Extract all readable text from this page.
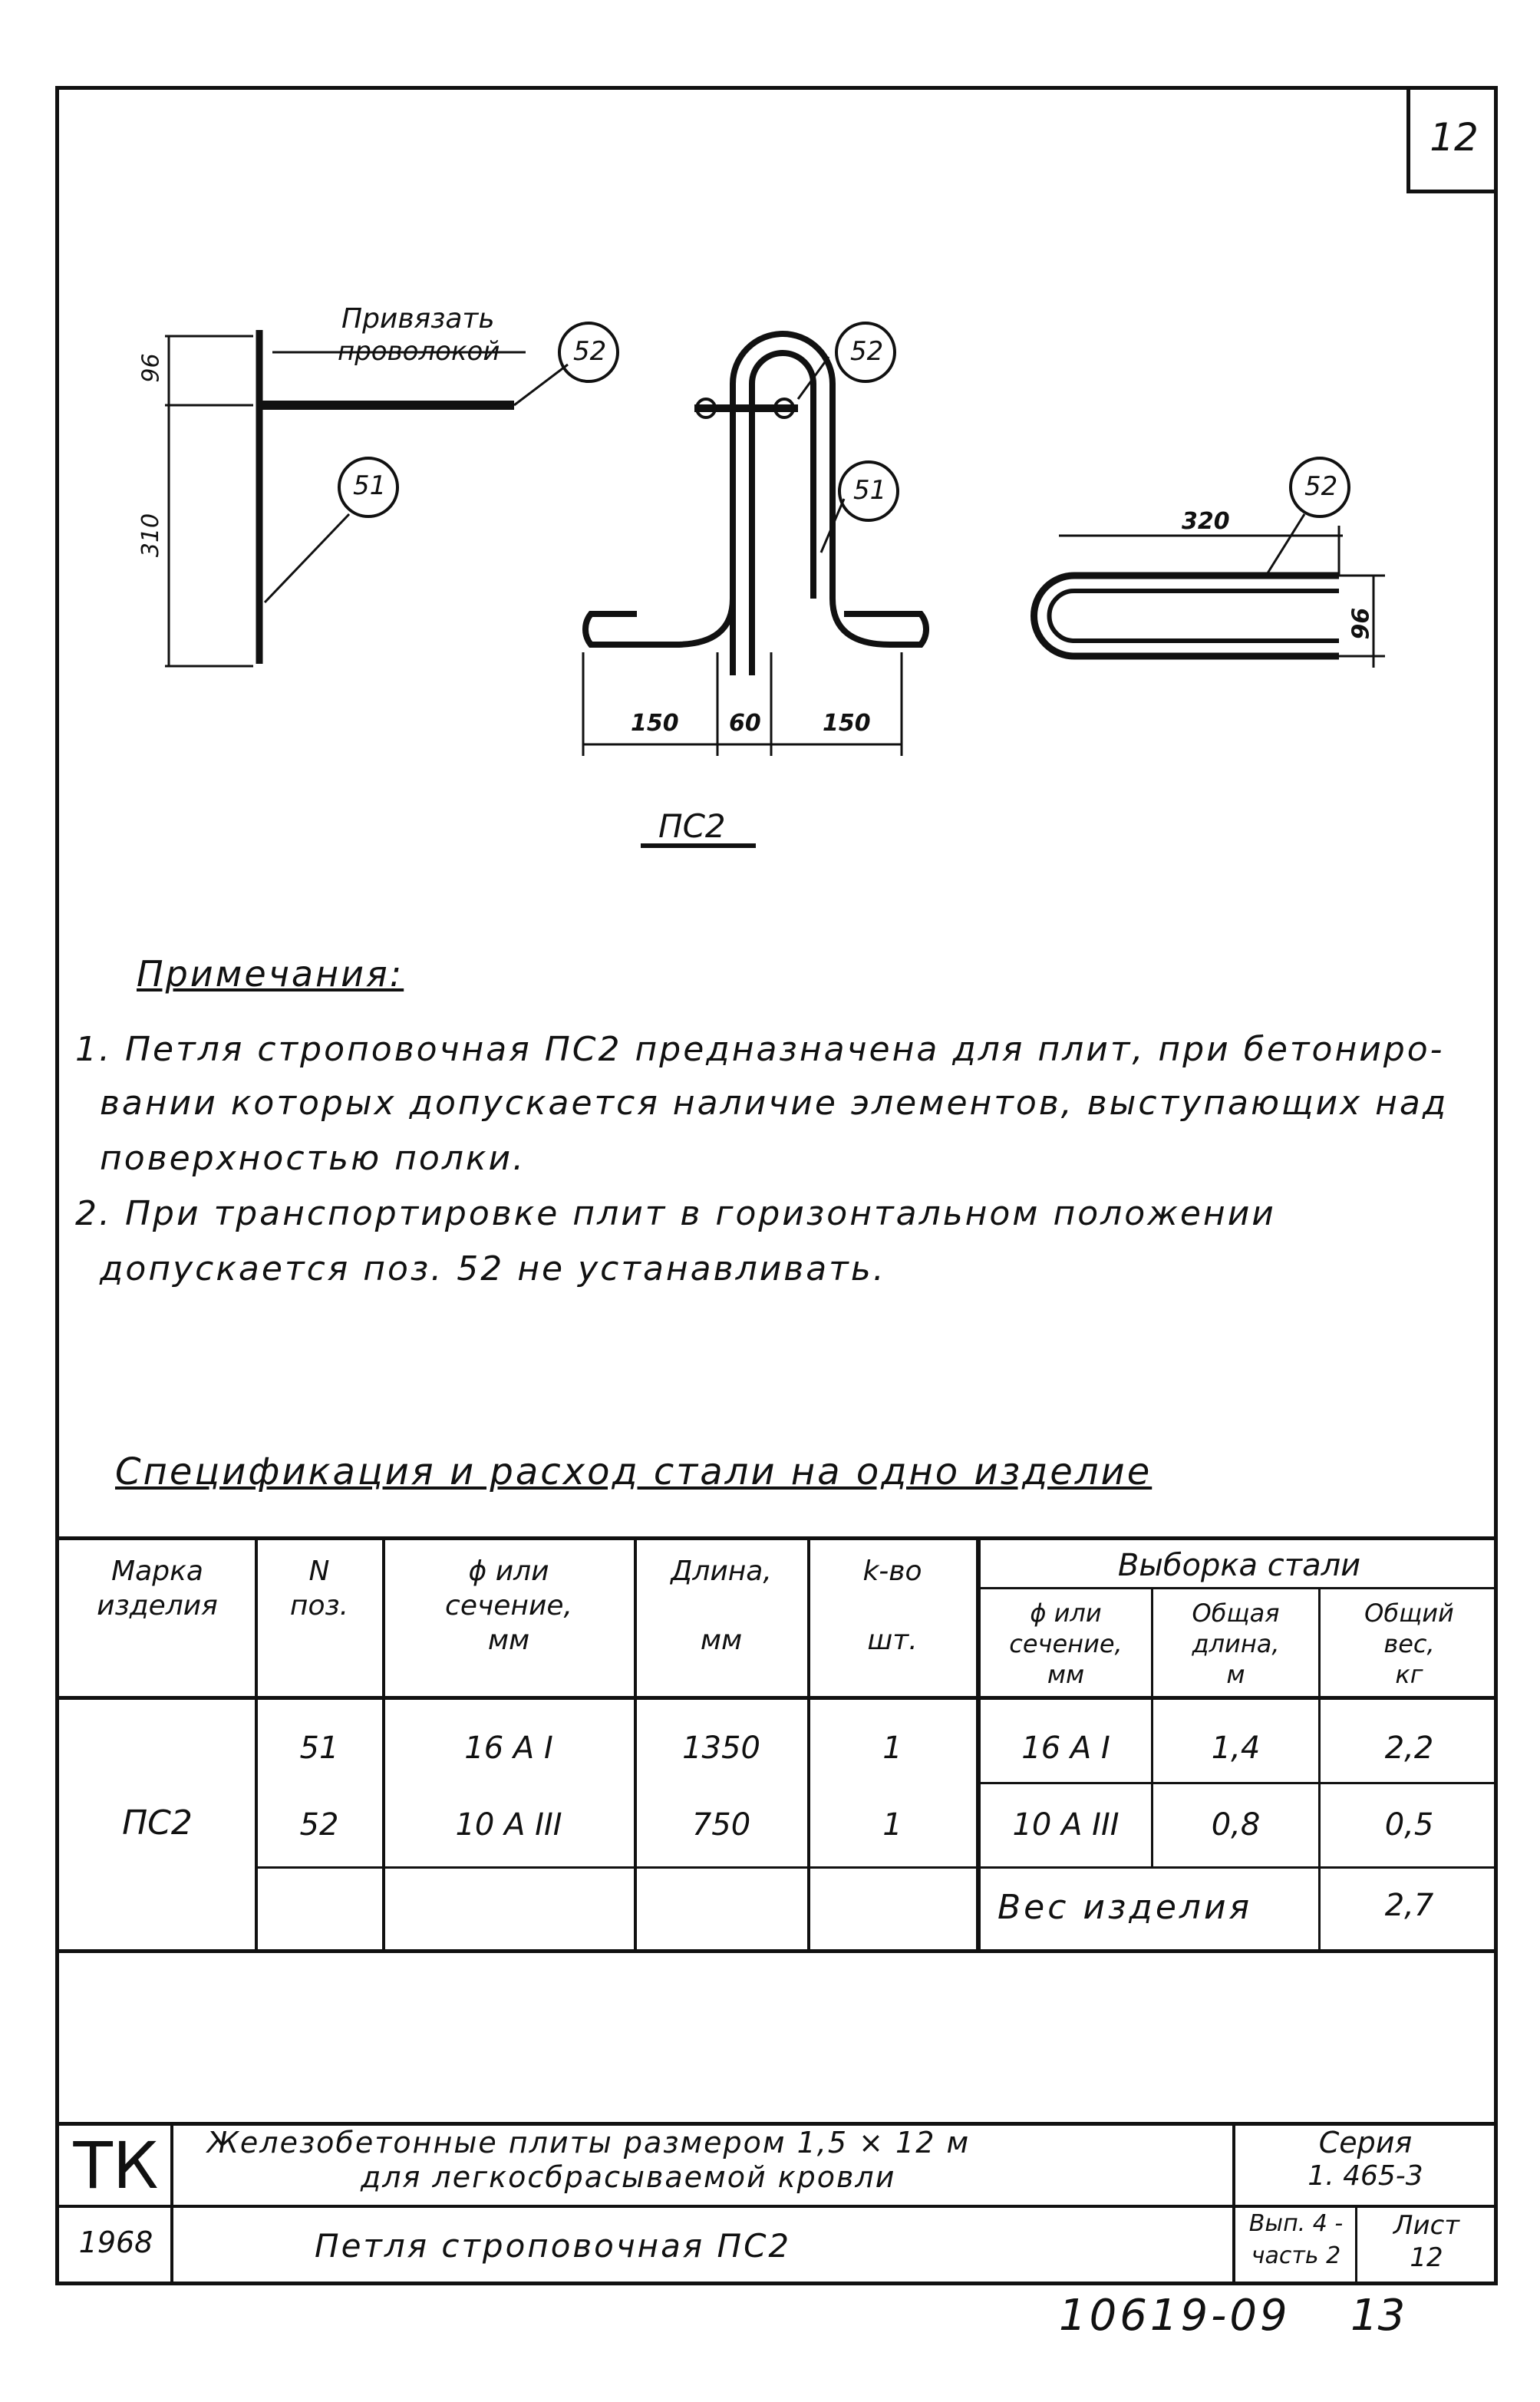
12
Привязать
проволокой	52
51
52
51	52
96
310
150 60	150
320
96
ПС2
Примечания:
1. Петля строповочная ПС2 предназначена для плит, при бетониро-
вании которых допускается наличие элементов, выступающих над
поверхностью полки.
2. При транспортировке плит в горизонтальном положении
допускается поз. 52 не устанавливать.
Спецификация и расход стали на одно изделие
Марка
изделия
N
поз.
ϕ или
сечение,
мм
Длина,

мм
k-во

шт.
Выборка стали
ϕ или
сечение,
мм
Общая
длина,
м
Общий
вес,
кг
ПС2
51	16 А I	1350	1	16 А I	1,4	2,2
52	10 А III	750	1	10 А III	0,8	0,5
Вес изделия	2,7
ТК
1968
Железобетонные плиты размером 1,5 × 12 м
для легкосбрасываемой кровли
Серия
1. 465-3
Петля строповочная ПС2
Вып. 4 -
часть 2
Лист
12
10619-09 13
